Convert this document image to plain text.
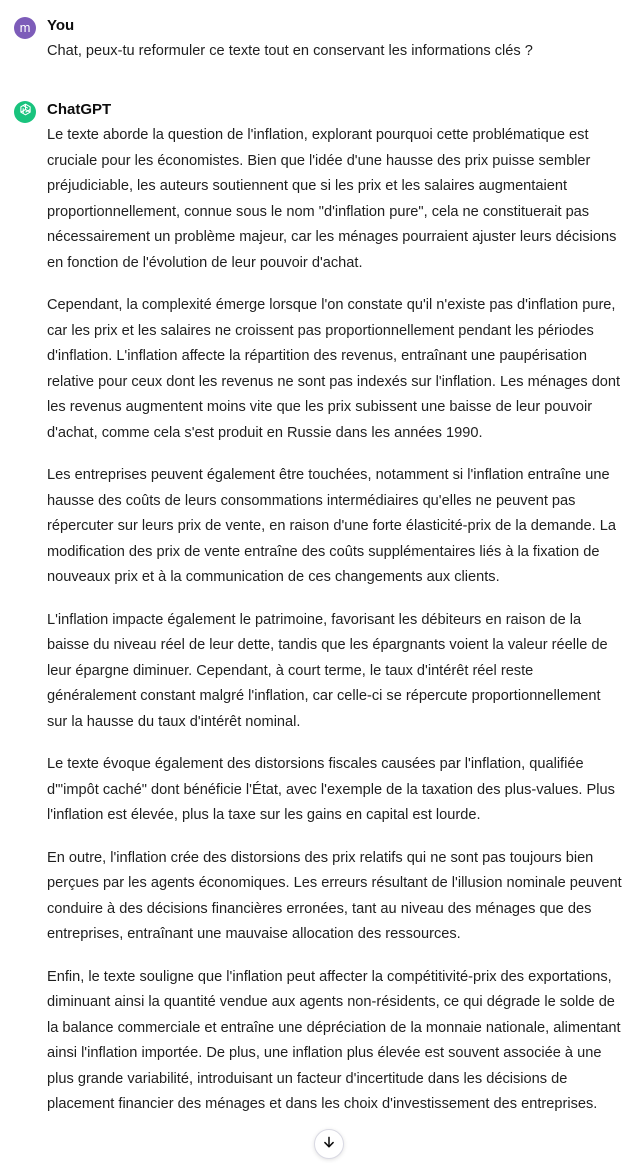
m You
Chat, peux-tu reformuler ce texte tout en conservant les informations clés ?
ChatGPT

Le texte aborde la question de l'inflation, explorant pourquoi cette problématique est cruciale pour les économistes. Bien que l'idée d'une hausse des prix puisse sembler préjudiciable, les auteurs soutiennent que si les prix et les salaires augmentaient proportionnellement, connue sous le nom "d'inflation pure", cela ne constituerait pas nécessairement un problème majeur, car les ménages pourraient ajuster leurs décisions en fonction de l'évolution de leur pouvoir d'achat.

Cependant, la complexité émerge lorsque l'on constate qu'il n'existe pas d'inflation pure, car les prix et les salaires ne croissent pas proportionnellement pendant les périodes d'inflation. L'inflation affecte la répartition des revenus, entraînant une paupérisation relative pour ceux dont les revenus ne sont pas indexés sur l'inflation. Les ménages dont les revenus augmentent moins vite que les prix subissent une baisse de leur pouvoir d'achat, comme cela s'est produit en Russie dans les années 1990.

Les entreprises peuvent également être touchées, notamment si l'inflation entraîne une hausse des coûts de leurs consommations intermédiaires qu'elles ne peuvent pas répercuter sur leurs prix de vente, en raison d'une forte élasticité-prix de la demande. La modification des prix de vente entraîne des coûts supplémentaires liés à la fixation de nouveaux prix et à la communication de ces changements aux clients.

L'inflation impacte également le patrimoine, favorisant les débiteurs en raison de la baisse du niveau réel de leur dette, tandis que les épargnants voient la valeur réelle de leur épargne diminuer. Cependant, à court terme, le taux d'intérêt réel reste généralement constant malgré l'inflation, car celle-ci se répercute proportionnellement sur la hausse du taux d'intérêt nominal.

Le texte évoque également des distorsions fiscales causées par l'inflation, qualifiée d'"impôt caché" dont bénéficie l'État, avec l'exemple de la taxation des plus-values. Plus l'inflation est élevée, plus la taxe sur les gains en capital est lourde.

En outre, l'inflation crée des distorsions des prix relatifs qui ne sont pas toujours bien perçues par les agents économiques. Les erreurs résultant de l'illusion nominale peuvent conduire à des décisions financières erronées, tant au niveau des ménages que des entreprises, entraînant une mauvaise allocation des ressources.

Enfin, le texte souligne que l'inflation peut affecter la compétitivité-prix des exportations, diminuant ainsi la quantité vendue aux agents non-résidents, ce qui dégrade le solde de la balance commerciale et entraîne une dépréciation de la monnaie nationale, alimentant ainsi l'inflation importée. De plus, une inflation plus élevée est souvent associée à une plus grande variabilité, introduisant un facteur d'incertitude dans les décisions de placement financier des ménages et dans les choix d'investissement des entreprises.
